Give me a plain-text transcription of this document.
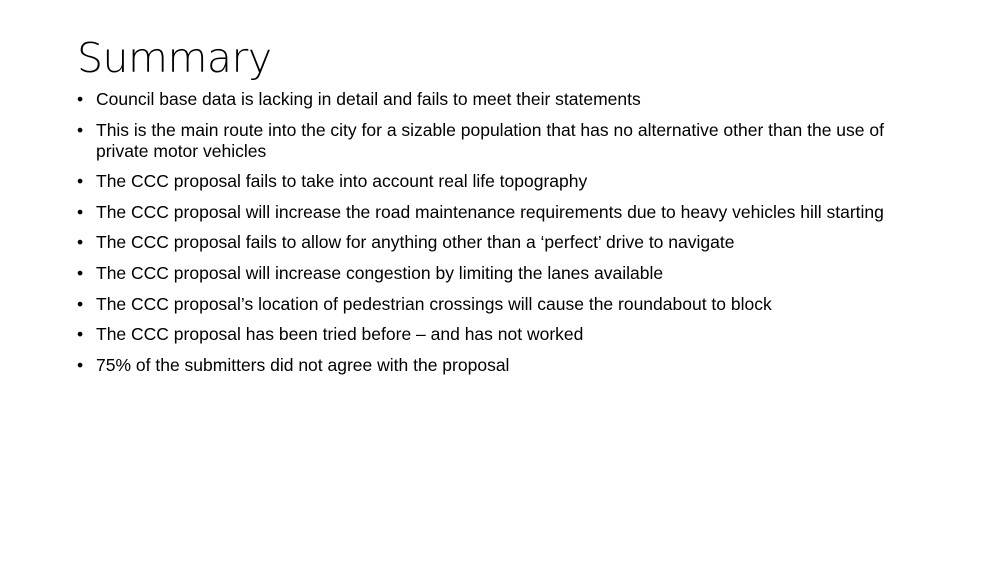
Summary
• Council base data is lacking in detail and fails to meet their statements
• This is the main route into the city for a sizable population that has no alternative other than the use of private motor vehicles
• The CCC proposal fails to take into account real life topography
• The CCC proposal will increase the road maintenance requirements due to heavy vehicles hill starting
• The CCC proposal fails to allow for anything other than a ‘perfect’ drive to navigate
• The CCC proposal will increase congestion by limiting the lanes available
• The CCC proposal’s location of pedestrian crossings will cause the roundabout to block
• The CCC proposal has been tried before – and has not worked
• 75% of the submitters did not agree with the proposal
